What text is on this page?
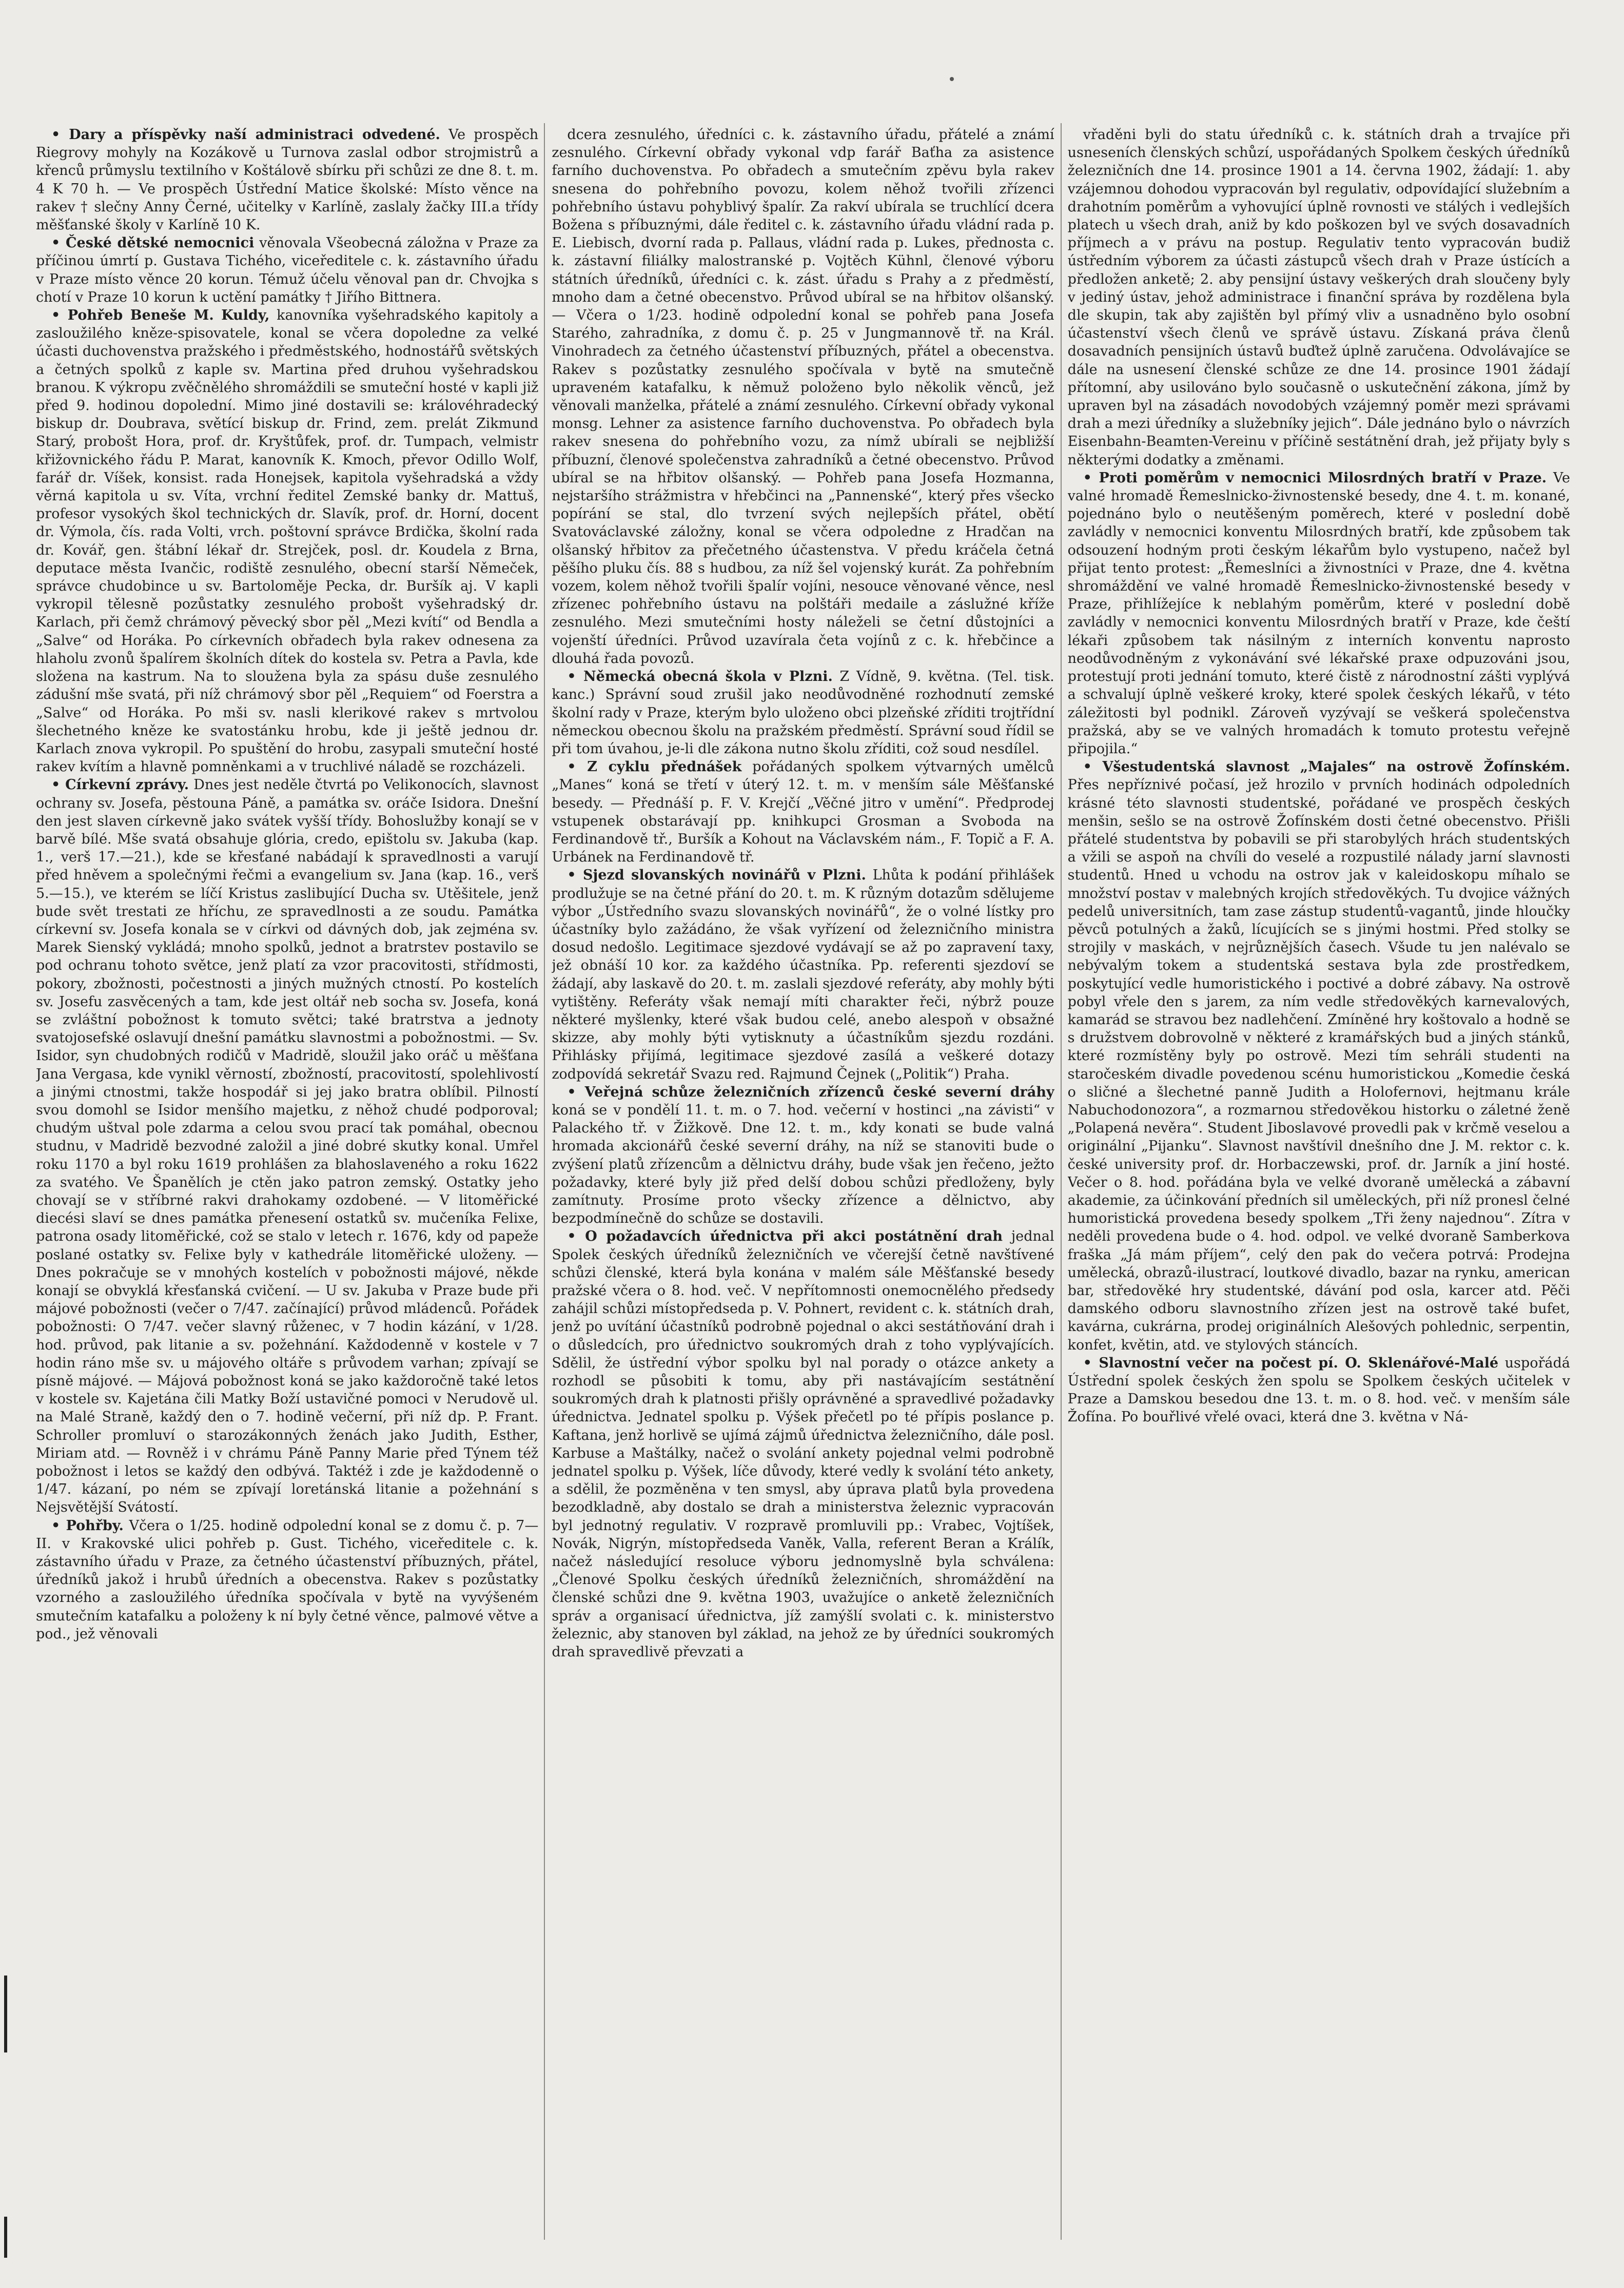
• Dary a příspěvky naší administraci odvedené. Ve prospěch Riegrovy mohyly na Kozákově u Turnova zaslal odbor strojmistrů a křenců průmyslu textilního v Koštálově sbírku při schůzi ze dne 8. t. m. 4 K 70 h. — Ve prospěch Ústřední Matice školské: Místo věnce na rakev † slečny Anny Černé, učitelky v Karlíně, zaslaly žačky III.a třídy měšťanské školy v Karlíně 10 K.

• České dětské nemocnici věnovala Všeobecná záložna v Praze za příčinou úmrtí p. Gustava Tichého, viceředitele c. k. zástavního úřadu v Praze místo věnce 20 korun. Témuž účelu věnoval pan dr. Chvojka s chotí v Praze 10 korun k uctění památky † Jiřího Bittnera.

• Pohřeb Beneše M. Kuldy, kanovníka vyšehradského kapitoly a zasloužilého kněze-spisovatele, konal se včera dopoledne za velké účasti duchovenstva pražského i předměstského, hodnostářů světských a četných spolků z kaple sv. Martina před druhou vyšehradskou branou. K výkropu zvěčnělého shromáždili se smuteční hosté v kapli již před 9. hodinou dopolední. Mimo jiné dostavili se: královéhradecký biskup dr. Doubrava, světící biskup dr. Frind, zem. prelát Zikmund Starý, probošt Hora, prof. dr. Kryštůfek, prof. dr. Tumpach, velmistr křižovnického řádu P. Marat, kanovník K. Kmoch, převor Odillo Wolf, farář dr. Víšek, konsist. rada Honejsek, kapitola vyšehradská a vždy věrná kapitola u sv. Víta, vrchní ředitel Zemské banky dr. Mattuš, profesor vysokých škol technických dr. Slavík, prof. dr. Horní, docent dr. Výmola, čís. rada Volti, vrch. poštovní správce Brdička, školní rada dr. Kovář, gen. štábní lékař dr. Strejček, posl. dr. Koudela z Brna, deputace města Ivančic, rodiště zesnulého, obecní starší Němeček, správce chudobince u sv. Bartoloměje Pecka, dr. Buršík aj. V kapli vykropil tělesně pozůstatky zesnulého probošt vyšehradský dr. Karlach, při čemž chrámový pěvecký sbor pěl „Mezi kvítí“ od Bendla a „Salve“ od Horáka. Po církevních obřadech byla rakev odnesena za hlaholu zvonů špalírem školních dítek do kostela sv. Petra a Pavla, kde složena na kastrum. Na to sloužena byla za spásu duše zesnulého zádušní mše svatá, při níž chrámový sbor pěl „Requiem“ od Foerstra a „Salve“ od Horáka. Po mši sv. nasli klerikové rakev s mrtvolou šlechetného kněze ke svatostánku hrobu, kde ji ještě jednou dr. Karlach znova vykropil. Po spuštění do hrobu, zasypali smuteční hosté rakev kvítím a hlavně pomněnkami a v truchlivé náladě se rozcházeli.

• Církevní zprávy. Dnes jest neděle čtvrtá po Velikonocích, slavnost ochrany sv. Josefa, pěstouna Páně, a památka sv. oráče Isidora. Dnešní den jest slaven církevně jako svátek vyšší třídy. Bohoslužby konají se v barvě bílé. Mše svatá obsahuje glória, credo, epištolu sv. Jakuba (kap. 1., verš 17.—21.), kde se křesťané nabádají k spravedlnosti a varují před hněvem a společnými řečmi a evangelium sv. Jana (kap. 16., verš 5.—15.), ve kterém se líčí Kristus zaslibující Ducha sv. Utěšitele, jenž bude svět trestati ze hříchu, ze spravedlnosti a ze soudu. Památka církevní sv. Josefa konala se v církvi od dávných dob, jak zejména sv. Marek Sienský vykládá; mnoho spolků, jednot a bratrstev postavilo se pod ochranu tohoto světce, jenž platí za vzor pracovitosti, střídmosti, pokory, zbožnosti, počestnosti a jiných mužných ctností. Po kostelích sv. Josefu zasvěcených a tam, kde jest oltář neb socha sv. Josefa, koná se zvláštní pobožnost k tomuto světci; také bratrstva a jednoty svatojosefské oslavují dnešní památku slavnostmi a pobožnostmi. — Sv. Isidor, syn chudobných rodičů v Madridě, sloužil jako oráč u měšťana Jana Vergasa, kde vynikl věrností, zbožností, pracovitostí, spolehlivostí a jinými ctnostmi, takže hospodář si jej jako bratra oblíbil. Pilností svou domohl se Isidor menšího majetku, z něhož chudé podporoval; chudým uštval pole zdarma a celou svou prací tak pomáhal, obecnou studnu, v Madridě bezvodné založil a jiné dobré skutky konal. Umřel roku 1170 a byl roku 1619 prohlášen za blahoslaveného a roku 1622 za svatého. Ve Španělích je ctěn jako patron zemský. Ostatky jeho chovají se v stříbrné rakvi drahokamy ozdobené. — V litoměřické diecési slaví se dnes památka přenesení ostatků sv. mučeníka Felixe, patrona osady litoměřické, což se stalo v letech r. 1676, kdy od papeže poslané ostatky sv. Felixe byly v kathedrále litoměřické uloženy. — Dnes pokračuje se v mnohých kostelích v pobožnosti májové, někde konají se obvyklá křesťanská cvičení. — U sv. Jakuba v Praze bude při májové pobožnosti (večer o 7/47. začínající) průvod mládenců. Pořádek pobožnosti: O 7/47. večer slavný růženec, v 7 hodin kázání, v 1/28. hod. průvod, pak litanie a sv. požehnání. Každodenně v kostele v 7 hodin ráno mše sv. u májového oltáře s průvodem varhan; zpívají se písně májové. — Májová pobožnost koná se jako každoročně také letos v kostele sv. Kajetána čili Matky Boží ustavičné pomoci v Nerudově ul. na Malé Straně, každý den o 7. hodině večerní, při níž dp. P. Frant. Schroller promluví o starozákonných ženách jako Judith, Esther, Miriam atd. — Rovněž i v chrámu Páně Panny Marie před Týnem též pobožnost i letos se každý den odbývá. Taktéž i zde je každodenně o 1/47. kázaní, po ném se zpívají loretánská litanie a požehnání s Nejsvětější Svátostí.

• Pohřby. Včera o 1/25. hodině odpolední konal se z domu č. p. 7—II. v Krakovské ulici pohřeb p. Gust. Tichého, viceředitele c. k. zástavního úřadu v Praze, za četného účastenství příbuzných, přátel, úředníků jakož i hrubů úředních a obecenstva. Rakev s pozůstatky vzorného a zasloužilého úředníka spočívala v bytě na vyvýšeném smutečním katafalku a položeny k ní byly četné věnce, palmové větve a pod., jež věnovali

dcera zesnulého, úředníci c. k. zástavního úřadu, přátelé a známí zesnulého. Církevní obřady vykonal vdp farář Baťha za asistence farního duchovenstva. Po obřadech a smutečním zpěvu byla rakev snesena do pohřebního povozu, kolem něhož tvořili zřízenci pohřebního ústavu pohyblivý špalír. Za rakví ubírala se truchlící dcera Božena s příbuznými, dále ředitel c. k. zástavního úřadu vládní rada p. E. Liebisch, dvorní rada p. Pallaus, vládní rada p. Lukes, přednosta c. k. zástavní filiálky malostranské p. Vojtěch Kühnl, členové výboru státních úředníků, úředníci c. k. zást. úřadu s Prahy a z předměstí, mnoho dam a četné obecenstvo. Průvod ubíral se na hřbitov olšanský. — Včera o 1/23. hodině odpolední konal se pohřeb pana Josefa Starého, zahradníka, z domu č. p. 25 v Jungmannově tř. na Král. Vinohradech za četného účastenství příbuzných, přátel a obecenstva. Rakev s pozůstatky zesnulého spočívala v bytě na smutečně upraveném katafalku, k němuž položeno bylo několik věnců, jež věnovali manželka, přátelé a známí zesnulého. Církevní obřady vykonal monsg. Lehner za asistence farního duchovenstva. Po obřadech byla rakev snesena do pohřebního vozu, za nímž ubírali se nejbližší příbuzní, členové společenstva zahradníků a četné obecenstvo. Průvod ubíral se na hřbitov olšanský. — Pohřeb pana Josefa Hozmanna, nejstaršího strážmistra v hřebčinci na „Pannenské“, který přes všecko popírání se stal, dlo tvrzení svých nejlepších přátel, obětí Svatováclavské záložny, konal se včera odpoledne z Hradčan na olšanský hřbitov za přečetného účastenstva. V předu kráčela četná pěšího pluku čís. 88 s hudbou, za níž šel vojenský kurát. Za pohřebním vozem, kolem něhož tvořili špalír vojíni, nesouce věnované věnce, nesl zřízenec pohřebního ústavu na polštáři medaile a záslužné kříže zesnulého. Mezi smutečními hosty náleželi se četní důstojníci a vojenští úředníci. Průvod uzavírala četa vojínů z c. k. hřebčince a dlouhá řada povozů.

• Německá obecná škola v Plzni. Z Vídně, 9. května. (Tel. tisk. kanc.) Správní soud zrušil jako neodůvodněné rozhodnutí zemské školní rady v Praze, kterým bylo uloženo obci plzeňské zříditi trojtřídní německou obecnou školu na pražském předměstí. Správní soud řídil se při tom úvahou, je-li dle zákona nutno školu zříditi, což soud nesdílel.

• Z cyklu přednášek pořádaných spolkem výtvarných umělců „Manes“ koná se třetí v úterý 12. t. m. v menším sále Měšťanské besedy. — Přednáší p. F. V. Krejčí „Věčné jitro v umění“. Předprodej vstupenek obstarávají pp. knihkupci Grosman a Svoboda na Ferdinandově tř., Buršík a Kohout na Václavském nám., F. Topič a F. A. Urbánek na Ferdinandově tř.

• Sjezd slovanských novinářů v Plzni. Lhůta k podání přihlášek prodlužuje se na četné přání do 20. t. m. K různým dotazům sdělujeme výbor „Ústředního svazu slovanských novinářů“, že o volné lístky pro účastníky bylo zažádáno, že však vyřízení od železničního ministra dosud nedošlo. Legitimace sjezdové vydávají se až po zapravení taxy, jež obnáší 10 kor. za každého účastníka. Pp. referenti sjezdoví se žádají, aby laskavě do 20. t. m. zaslali sjezdové referáty, aby mohly býti vytištěny. Referáty však nemají míti charakter řeči, nýbrž pouze některé myšlenky, které však budou celé, anebo alespoň v obsažné skizze, aby mohly býti vytisknuty a účastníkům sjezdu rozdáni. Přihlásky přijímá, legitimace sjezdové zasílá a veškeré dotazy zodpovídá sekretář Svazu red. Rajmund Čejnek („Politik“) Praha.

• Veřejná schůze železničních zřízenců české severní dráhy koná se v pondělí 11. t. m. o 7. hod. večerní v hostinci „na závisti“ v Palackého tř. v Žižkově. Dne 12. t. m., kdy konati se bude valná hromada akcionářů české severní dráhy, na níž se stanoviti bude o zvýšení platů zřízencům a dělnictvu dráhy, bude však jen řečeno, ježto požadavky, které byly již před delší dobou schůzi předloženy, byly zamítnuty. Prosíme proto všecky zřízence a dělnictvo, aby bezpodmínečně do schůze se dostavili.

• O požadavcích úřednictva při akci postátnění drah jednal Spolek českých úředníků železničních ve včerejší četně navštívené schůzi členské, která byla konána v malém sále Měšťanské besedy pražské včera o 8. hod. več. V nepřítomnosti onemocnělého předsedy zahájil schůzi místopředseda p. V. Pohnert, revident c. k. státních drah, jenž po uvítání účastníků podrobně pojednal o akci sestátňování drah i o důsledcích, pro úřednictvo soukromých drah z toho vyplývajících. Sdělil, že ústřední výbor spolku byl nal porady o otázce ankety a rozhodl se působiti k tomu, aby při nastávajícím sestátnění soukromých drah k platnosti přišly oprávněné a spravedlivé požadavky úřednictva. Jednatel spolku p. Výšek přečetl po té přípis poslance p. Kaftana, jenž horlivě se ujímá zájmů úřednictva železničního, dále posl. Karbuse a Maštálky, načež o svolání ankety pojednal velmi podrobně jednatel spolku p. Výšek, líče důvody, které vedly k svolání této ankety, a sdělil, že pozměněna v ten smysl, aby úprava platů byla provedena bezodkladně, aby dostalo se drah a ministerstva železnic vypracován byl jednotný regulativ. V rozpravě promluvili pp.: Vrabec, Vojtíšek, Novák, Nigrýn, místopředseda Vaněk, Valla, referent Beran a Králík, načež následující resoluce výboru jednomyslně byla schválena: „Členové Spolku českých úředníků železničních, shromáždění na členské schůzi dne 9. května 1903, uvažujíce o anketě železničních správ a organisací úřednictva, jíž zamýšlí svolati c. k. ministerstvo železnic, aby stanoven byl základ, na jehož ze by úředníci soukromých drah spravedlivě převzati a

vřaděni byli do statu úředníků c. k. státních drah a trvajíce při usneseních členských schůzí, uspořádaných Spolkem českých úředníků železničních dne 14. prosince 1901 a 14. června 1902, žádají: 1. aby vzájemnou dohodou vypracován byl regulativ, odpovídající služebním a drahotním poměrům a vyhovující úplně rovnosti ve stálých i vedlejších platech u všech drah, aniž by kdo poškozen byl ve svých dosavadních příjmech a v právu na postup. Regulativ tento vypracován budiž ústředním výborem za účasti zástupců všech drah v Praze ústících a předložen anketě; 2. aby pensijní ústavy veškerých drah sloučeny byly v jediný ústav, jehož administrace i finanční správa by rozdělena byla dle skupin, tak aby zajištěn byl přímý vliv a usnadněno bylo osobní účastenství všech členů ve správě ústavu. Získaná práva členů dosavadních pensijních ústavů buďtež úplně zaručena. Odvolávajíce se dále na usnesení členské schůze ze dne 14. prosince 1901 žádají přítomní, aby usilováno bylo současně o uskutečnění zákona, jímž by upraven byl na zásadách novodobých vzájemný poměr mezi správami drah a mezi úředníky a služebníky jejich“. Dále jednáno bylo o návrzích Eisenbahn-Beamten-Vereinu v příčině sestátnění drah, jež přijaty byly s některými dodatky a změnami.

• Proti poměrům v nemocnici Milosrdných bratří v Praze. Ve valné hromadě Řemeslnicko-živnostenské besedy, dne 4. t. m. konané, pojednáno bylo o neutěšeným poměrech, které v poslední době zavládly v nemocnici konventu Milosrdných bratří, kde způsobem tak odsouzení hodným proti českým lékařům bylo vystupeno, načež byl přijat tento protest: „Řemeslníci a živnostníci v Praze, dne 4. května shromáždění ve valné hromadě Řemeslnicko-živnostenské besedy v Praze, přihlížejíce k neblahým poměrům, které v poslední době zavládly v nemocnici konventu Milosrdných bratří v Praze, kde čeští lékaři způsobem tak násilným z interních konventu naprosto neodůvodněným z vykonávání své lékařské praxe odpuzováni jsou, protestují proti jednání tomuto, které čistě z národnostní zášti vyplývá a schvalují úplně veškeré kroky, které spolek českých lékařů, v této záležitosti byl podnikl. Zároveň vyzývají se veškerá společenstva pražská, aby se ve valných hromadách k tomuto protestu veřejně připojila.“

• Všestudentská slavnost „Majales“ na ostrově Žofínském. Přes nepříznivé počasí, jež hrozilo v prvních hodinách odpoledních krásné této slavnosti studentské, pořádané ve prospěch českých menšin, sešlo se na ostrově Žofínském dosti četné obecenstvo. Přišli přátelé studentstva by pobavili se při starobylých hrách studentských a vžili se aspoň na chvíli do veselé a rozpustilé nálady jarní slavnosti studentů. Hned u vchodu na ostrov jak v kaleidoskopu míhalo se množství postav v malebných krojích středověkých. Tu dvojice vážných pedelů universitních, tam zase zástup studentů-vagantů, jinde hloučky pěvců potulných a žaků, lícujících se s jinými hostmi. Před stolky se strojily v maskách, v nejrůznějších časech. Všude tu jen nalévalo se nebývalým tokem a studentská sestava byla zde prostředkem, poskytující vedle humoristického i poctivé a dobré zábavy. Na ostrově pobyl vřele den s jarem, za ním vedle středověkých karnevalových, kamarád se stravou bez nadlehčení. Zmíněné hry koštovalo a hodně se s družstvem dobrovolně v některé z kramářských bud a jiných stánků, které rozmístěny byly po ostrově. Mezi tím sehráli studenti na staročeském divadle povedenou scénu humoristickou „Komedie česká o sličné a šlechetné panně Judith a Holofernovi, hejtmanu krále Nabuchodonozora“, a rozmarnou středověkou historku o záletné ženě „Polapená nevěra“. Student Jiboslavové provedli pak v krčmě veselou a originální „Pijanku“. Slavnost navštívil dnešního dne J. M. rektor c. k. české university prof. dr. Horbaczewski, prof. dr. Jarník a jiní hosté. Večer o 8. hod. pořádána byla ve velké dvoraně umělecká a zábavní akademie, za účinkování předních sil uměleckých, při níž pronesl čelné humoristická provedena besedy spolkem „Tři ženy najednou“. Zítra v neděli provedena bude o 4. hod. odpol. ve velké dvoraně Samberkova fraška „Já mám příjem“, celý den pak do večera potrvá: Prodejna umělecká, obrazů-ilustrací, loutkové divadlo, bazar na rynku, american bar, středověké hry studentské, dávání pod osla, karcer atd. Pěči damského odboru slavnostního zřízen jest na ostrově také bufet, kavárna, cukrárna, prodej originálních Alešových pohlednic, serpentin, konfet, květin, atd. ve stylových stáncích.

• Slavnostní večer na počest pí. O. Sklenářové-Malé uspořádá Ústřední spolek českých žen spolu se Spolkem českých učitelek v Praze a Damskou besedou dne 13. t. m. o 8. hod. več. v menším sále Žofína. Po bouřlivé vřelé ovaci, která dne 3. května v Ná-
